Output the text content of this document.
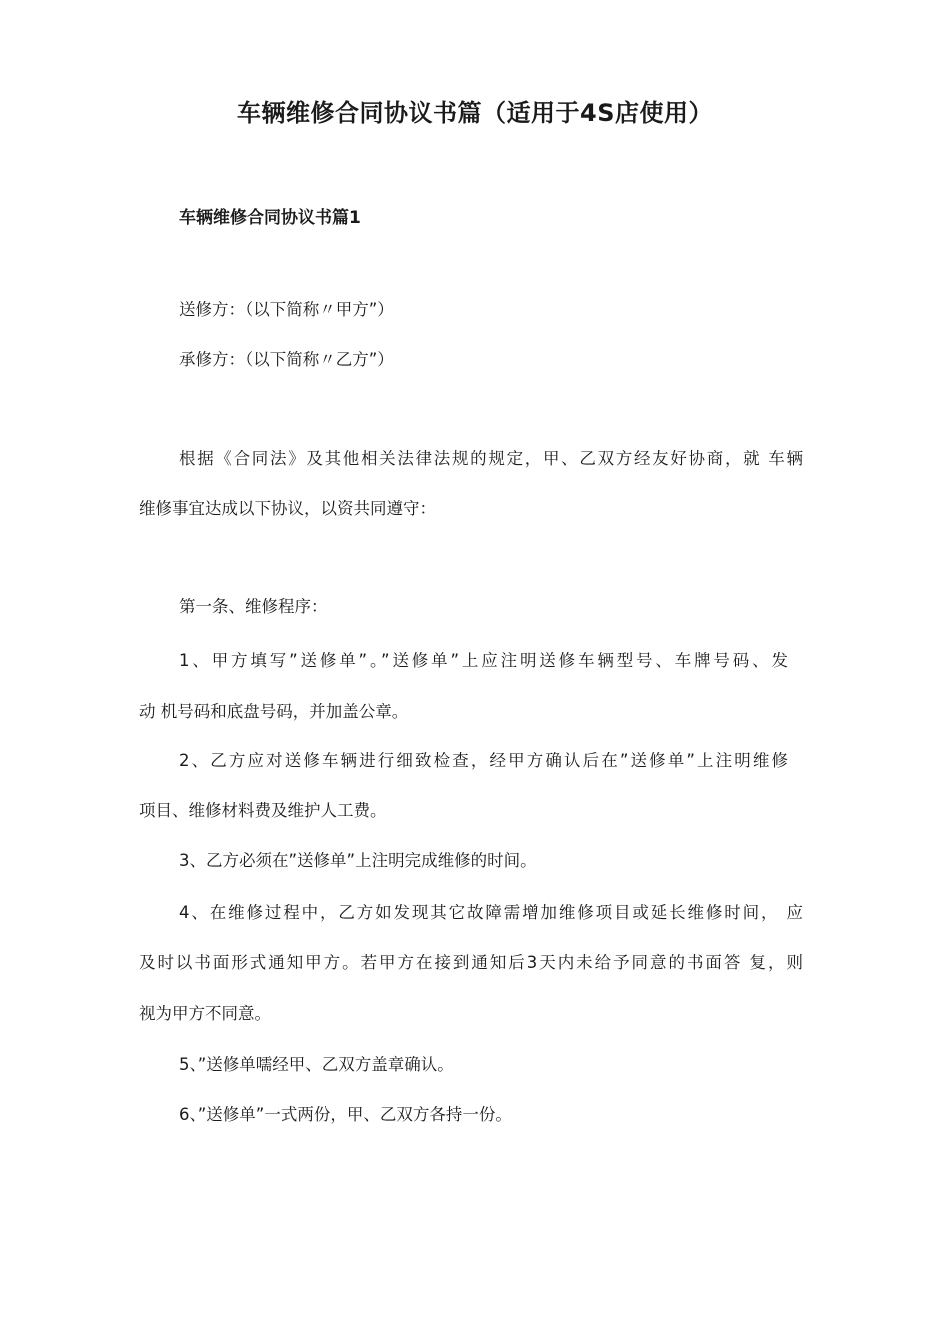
车辆维修合同协议书篇（适用于4S店使用）
车辆维修合同协议书篇1

送修方：（以下简称〃甲方”）

承修方：（以下简称〃乙方”）

根据《合同法》及其他相关法律法规的规定，甲、乙双方经友好协商，就 车辆

维修事宜达成以下协议，以资共同遵守：

第一条、维修程序：

1、甲方填写”送修单”。”送修单”上应注明送修车辆型号、车牌号码、发

动 机号码和底盘号码，并加盖公章。

2、乙方应对送修车辆进行细致检查，经甲方确认后在”送修单”上注明维修

项目、维修材料费及维护人工费。

3、乙方必须在”送修单”上注明完成维修的时间。

4、在维修过程中，乙方如发现其它故障需增加维修项目或延长维修时间， 应

及时以书面形式通知甲方。若甲方在接到通知后3天内未给予同意的书面答 复，则

视为甲方不同意。

5、”送修单嚅经甲、乙双方盖章确认。

6、”送修单”一式两份，甲、乙双方各持一份。
